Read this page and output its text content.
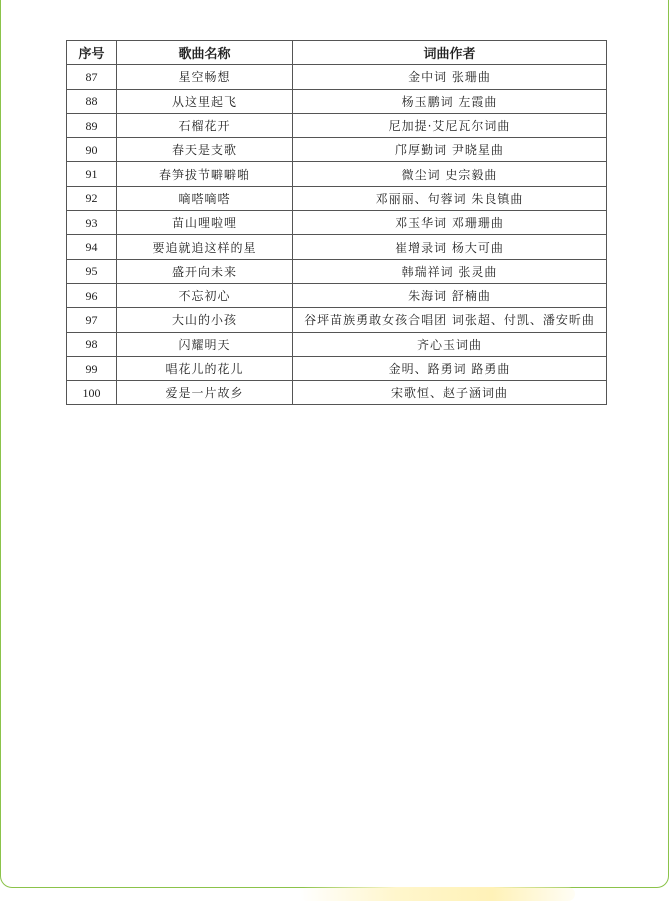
序号	歌曲名称	词曲作者
87	星空畅想	金中词 张珊曲
88	从这里起飞	杨玉鹏词 左霞曲
89	石榴花开	尼加提·艾尼瓦尔词曲
90	春天是支歌	邝厚勤词 尹晓星曲
91	春笋拔节噼噼啪	微尘词 史宗毅曲
92	嘀嗒嘀嗒	邓丽丽、句蓉词 朱良镇曲
93	苗山哩啦哩	邓玉华词 邓珊珊曲
94	要追就追这样的星	崔增录词 杨大可曲
95	盛开向未来	韩瑞祥词 张灵曲
96	不忘初心	朱海词 舒楠曲
97	大山的小孩	谷坪苗族勇敢女孩合唱团 词张超、付凯、潘安昕曲
98	闪耀明天	齐心玉词曲
99	唱花儿的花儿	金明、路勇词 路勇曲
100	爱是一片故乡	宋歌恒、赵子涵词曲
